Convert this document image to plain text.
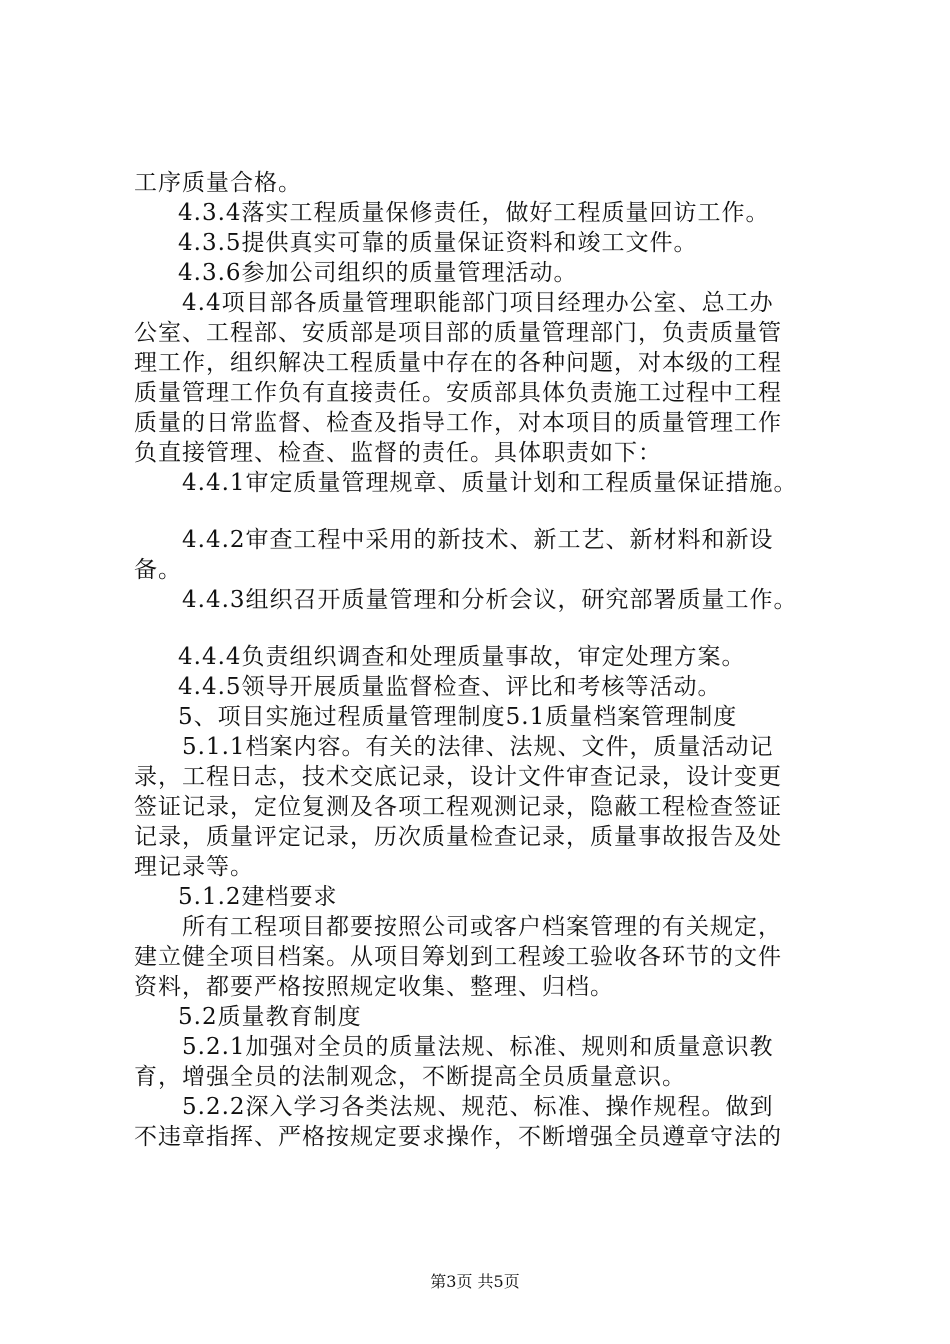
工序质量合格。
4.3.4落实工程质量保修责任，做好工程质量回访工作。
4.3.5提供真实可靠的质量保证资料和竣工文件。
4.3.6参加公司组织的质量管理活动。
4.4项目部各质量管理职能部门项目经理办公室、总工办
公室、工程部、安质部是项目部的质量管理部门，负责质量管
理工作，组织解决工程质量中存在的各种问题，对本级的工程
质量管理工作负有直接责任。安质部具体负责施工过程中工程
质量的日常监督、检查及指导工作，对本项目的质量管理工作
负直接管理、检查、监督的责任。具体职责如下：
4.4.1审定质量管理规章、质量计划和工程质量保证措施。
4.4.2审查工程中采用的新技术、新工艺、新材料和新设
备。
4.4.3组织召开质量管理和分析会议，研究部署质量工作。
4.4.4负责组织调查和处理质量事故，审定处理方案。
4.4.5领导开展质量监督检查、评比和考核等活动。
5、项目实施过程质量管理制度5.1质量档案管理制度
5.1.1档案内容。有关的法律、法规、文件，质量活动记
录，工程日志，技术交底记录，设计文件审查记录，设计变更
签证记录，定位复测及各项工程观测记录，隐蔽工程检查签证
记录，质量评定记录，历次质量检查记录，质量事故报告及处
理记录等。
5.1.2建档要求
所有工程项目都要按照公司或客户档案管理的有关规定，
建立健全项目档案。从项目筹划到工程竣工验收各环节的文件
资料，都要严格按照规定收集、整理、归档。
5.2质量教育制度
5.2.1加强对全员的质量法规、标准、规则和质量意识教
育，增强全员的法制观念，不断提高全员质量意识。
5.2.2深入学习各类法规、规范、标准、操作规程。做到
不违章指挥、严格按规定要求操作，不断增强全员遵章守法的
第3页 共5页
